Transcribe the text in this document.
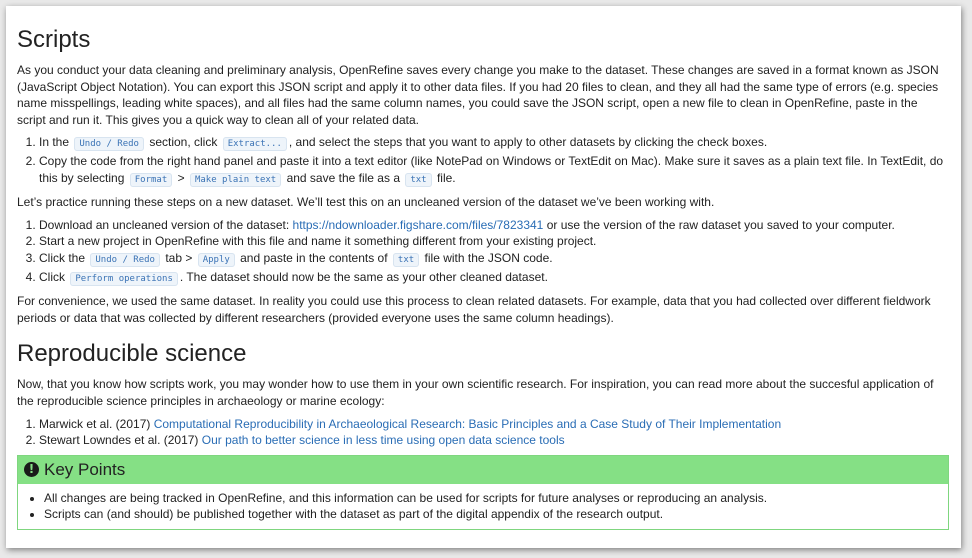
Scripts

As you conduct your data cleaning and preliminary analysis, OpenRefine saves every change you make to the dataset. These changes are saved in a format known as JSON (JavaScript Object Notation). You can export this JSON script and apply it to other data files. If you had 20 files to clean, and they all had the same type of errors (e.g. species name misspellings, leading white spaces), and all files had the same column names, you could save the JSON script, open a new file to clean in OpenRefine, paste in the script and run it. This gives you a quick way to clean all of your related data.

1. In the Undo / Redo section, click Extract... , and select the steps that you want to apply to other datasets by clicking the check boxes.
2. Copy the code from the right hand panel and paste it into a text editor (like NotePad on Windows or TextEdit on Mac). Make sure it saves as a plain text file. In TextEdit, do this by selecting Format > Make plain text and save the file as a txt file.

Let’s practice running these steps on a new dataset. We’ll test this on an uncleaned version of the dataset we’ve been working with.

1. Download an uncleaned version of the dataset: https://ndownloader.figshare.com/files/7823341 or use the version of the raw dataset you saved to your computer.
2. Start a new project in OpenRefine with this file and name it something different from your existing project.
3. Click the Undo / Redo tab > Apply and paste in the contents of txt file with the JSON code.
4. Click Perform operations . The dataset should now be the same as your other cleaned dataset.

For convenience, we used the same dataset. In reality you could use this process to clean related datasets. For example, data that you had collected over different fieldwork periods or data that was collected by different researchers (provided everyone uses the same column headings).

Reproducible science

Now, that you know how scripts work, you may wonder how to use them in your own scientific research. For inspiration, you can read more about the succesful application of the reproducible science principles in archaeology or marine ecology:

1. Marwick et al. (2017) Computational Reproducibility in Archaeological Research: Basic Principles and a Case Study of Their Implementation
2. Stewart Lowndes et al. (2017) Our path to better science in less time using open data science tools
! Key Points
• All changes are being tracked in OpenRefine, and this information can be used for scripts for future analyses or reproducing an analysis.
• Scripts can (and should) be published together with the dataset as part of the digital appendix of the research output.
